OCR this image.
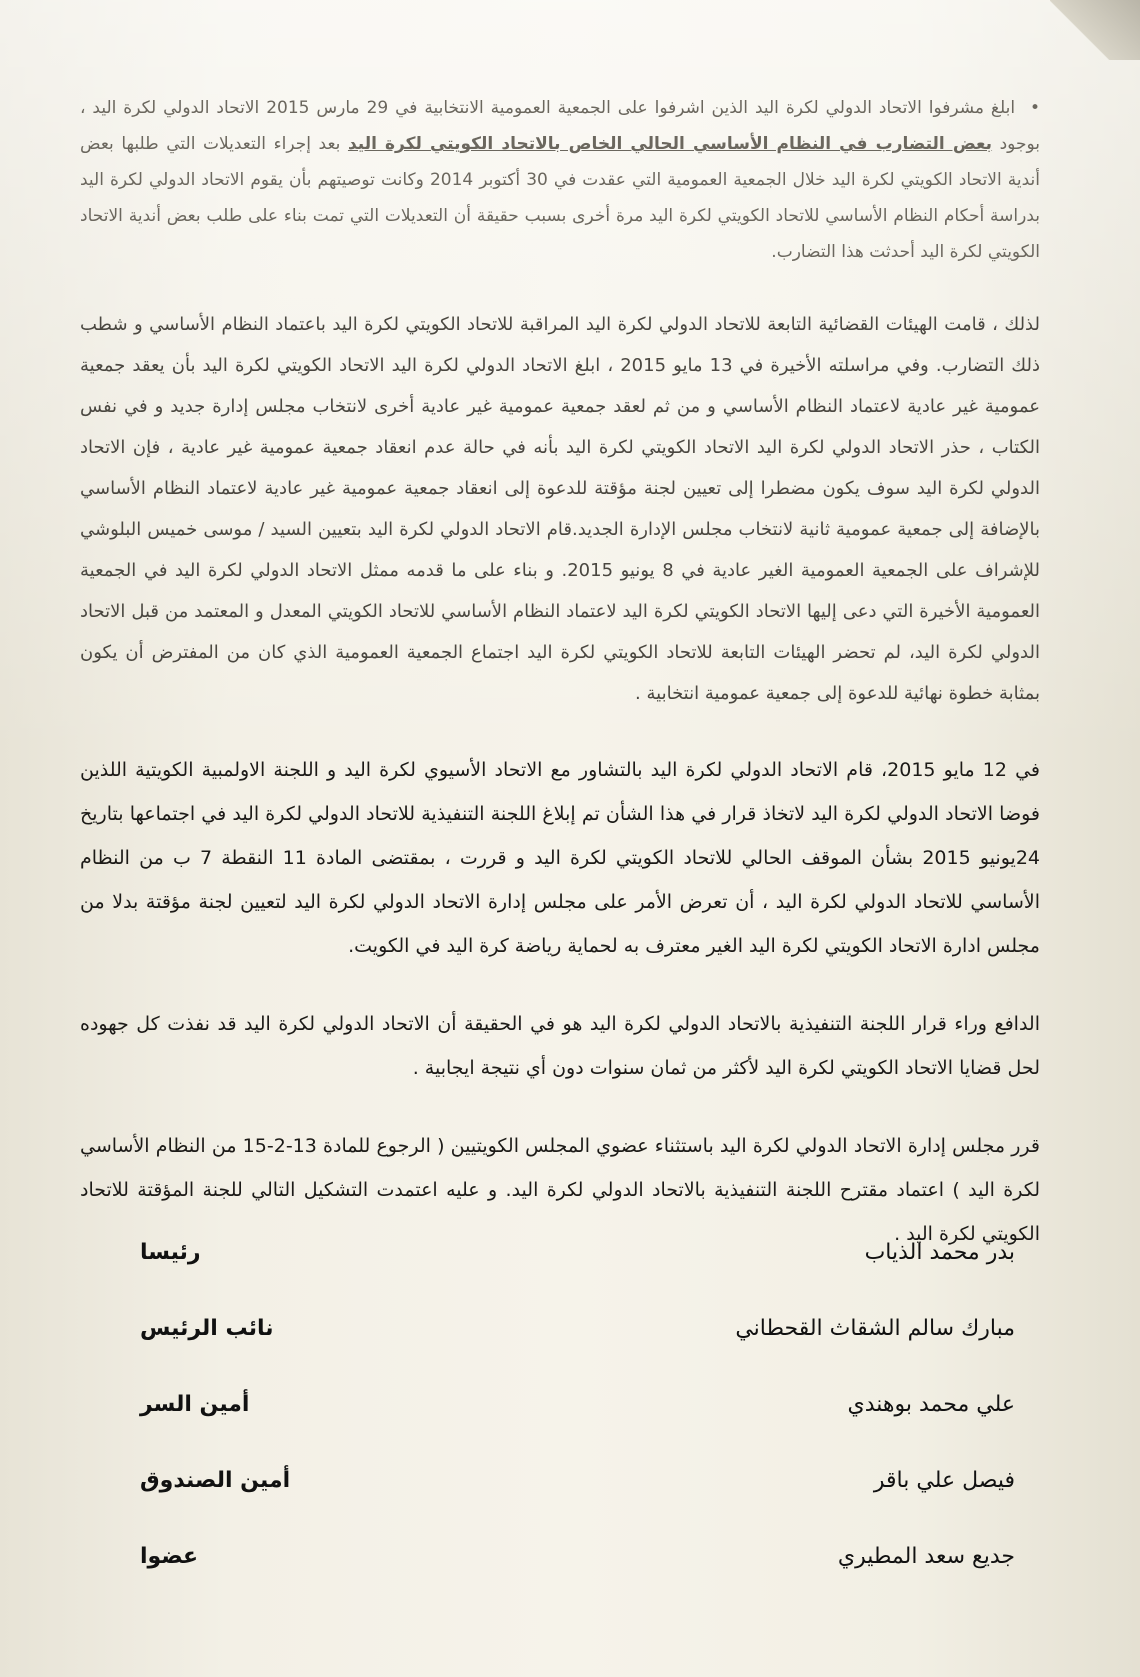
• ابلغ مشرفوا الاتحاد الدولي لكرة اليد الذين اشرفوا على الجمعية العمومية الانتخابية في 29 مارس 2015 الاتحاد الدولي لكرة اليد ، بوجود بعض التضارب في النظام الأساسي الحالي الخاص بالاتحاد الكويتي لكرة اليد بعد إجراء التعديلات التي طلبها بعض أندية الاتحاد الكويتي لكرة اليد خلال الجمعية العمومية التي عقدت في 30 أكتوبر 2014 وكانت توصيتهم بأن يقوم الاتحاد الدولي لكرة اليد بدراسة أحكام النظام الأساسي للاتحاد الكويتي لكرة اليد مرة أخرى بسبب حقيقة أن التعديلات التي تمت بناء على طلب بعض أندية الاتحاد الكويتي لكرة اليد أحدثت هذا التضارب.

لذلك ، قامت الهيئات القضائية التابعة للاتحاد الدولي لكرة اليد المراقبة للاتحاد الكويتي لكرة اليد باعتماد النظام الأساسي و شطب ذلك التضارب. وفي مراسلته الأخيرة في 13 مايو 2015 ، ابلغ الاتحاد الدولي لكرة اليد الاتحاد الكويتي لكرة اليد بأن يعقد جمعية عمومية غير عادية لاعتماد النظام الأساسي و من ثم لعقد جمعية عمومية غير عادية أخرى لانتخاب مجلس إدارة جديد و في نفس الكتاب ، حذر الاتحاد الدولي لكرة اليد الاتحاد الكويتي لكرة اليد بأنه في حالة عدم انعقاد جمعية عمومية غير عادية ، فإن الاتحاد الدولي لكرة اليد سوف يكون مضطرا إلى تعيين لجنة مؤقتة للدعوة إلى انعقاد جمعية عمومية غير عادية لاعتماد النظام الأساسي بالإضافة إلى جمعية عمومية ثانية لانتخاب مجلس الإدارة الجديد.قام الاتحاد الدولي لكرة اليد بتعيين السيد / موسى خميس البلوشي للإشراف على الجمعية العمومية الغير عادية في 8 يونيو 2015. و بناء على ما قدمه ممثل الاتحاد الدولي لكرة اليد في الجمعية العمومية الأخيرة التي دعى إليها الاتحاد الكويتي لكرة اليد لاعتماد النظام الأساسي للاتحاد الكويتي المعدل و المعتمد من قبل الاتحاد الدولي لكرة اليد، لم تحضر الهيئات التابعة للاتحاد الكويتي لكرة اليد اجتماع الجمعية العمومية الذي كان من المفترض أن يكون بمثابة خطوة نهائية للدعوة إلى جمعية عمومية انتخابية .

في 12 مايو 2015، قام الاتحاد الدولي لكرة اليد بالتشاور مع الاتحاد الأسيوي لكرة اليد و اللجنة الاولمبية الكويتية اللذين فوضا الاتحاد الدولي لكرة اليد لاتخاذ قرار في هذا الشأن تم إبلاغ اللجنة التنفيذية للاتحاد الدولي لكرة اليد في اجتماعها بتاريخ 24يونيو 2015 بشأن الموقف الحالي للاتحاد الكويتي لكرة اليد و قررت ، بمقتضى المادة 11 النقطة 7 ب من النظام الأساسي للاتحاد الدولي لكرة اليد ، أن تعرض الأمر على مجلس إدارة الاتحاد الدولي لكرة اليد لتعيين لجنة مؤقتة بدلا من مجلس ادارة الاتحاد الكويتي لكرة اليد الغير معترف به لحماية رياضة كرة اليد في الكويت.

الدافع وراء قرار اللجنة التنفيذية بالاتحاد الدولي لكرة اليد هو في الحقيقة أن الاتحاد الدولي لكرة اليد قد نفذت كل جهوده لحل قضايا الاتحاد الكويتي لكرة اليد لأكثر من ثمان سنوات دون أي نتيجة ايجابية .

قرر مجلس إدارة الاتحاد الدولي لكرة اليد باستثناء عضوي المجلس الكويتيين ( الرجوع للمادة 13-2-15 من النظام الأساسي لكرة اليد ) اعتماد مقترح اللجنة التنفيذية بالاتحاد الدولي لكرة اليد. و عليه اعتمدت التشكيل التالي للجنة المؤقتة للاتحاد الكويتي لكرة اليد .

بدر محمد الذياب
رئيسا
مبارك سالم الشقاث القحطاني
نائب الرئيس
علي محمد بوهندي
أمين السر
فيصل علي باقر
أمين الصندوق
جديع سعد المطيري
عضوا
